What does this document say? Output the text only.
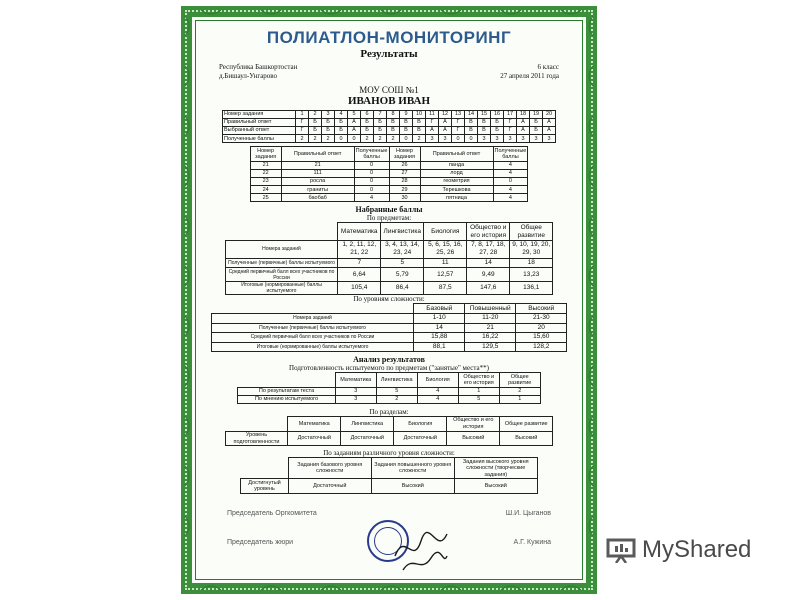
ПОЛИАТЛОН-МОНИТОРИНГ
Результаты
Республика Башкортостан
д.Бишаул-Унгарово
6 класс
27 апреля 2011 года
МОУ СОШ №1
ИВАНОВ ИВАН
Номер задания	1	2	3	4	5	6	7	8	9	10	11	12	13	14	15	16	17	18	19	20
Правильный ответ	Г	Б	Б	Б	А	Б	Б	В	В	В	Г	А	Г	В	В	Б	Г	А	Б	А
Выбранный ответ	Г	Б	Б	Б	А	Б	Б	В	В	В	А	А	Г	В	В	Б	Г	А	Б	А
Полученные баллы	2	2	2	0	0	2	2	2	0	2	3	3	0	0	3	3	3	3	3	3
Номер задания	Правильный ответ	Полученные баллы	Номер задания	Правильный ответ	Полученные баллы
21	21	0	26	панда	4
22	111	0	27	лорд	4
23	росла	0	28	геометрия	0
24	граниты	0	29	Терешкова	4
25	баобаб	4	30	пятница	4
Набранные баллы
По предметам:
	Математика	Лингвистика	Биология	Общество и его история	Общее развитие
Номера заданий	1, 2, 11, 12, 21, 22	3, 4, 13, 14, 23, 24	5, 6, 15, 16, 25, 26	7, 8, 17, 18, 27, 28	9, 10, 19, 20, 29, 30
Полученные (первичные) баллы испытуемого	7	5	11	14	18
Средний первичный балл всех участников по России	6,64	5,79	12,57	9,49	13,23
Итоговые (нормированные) баллы испытуемого	105,4	86,4	87,5	147,6	136,1
По уровням сложности:
	Базовый	Повышенный	Высокий
Номера заданий	1-10	11-20	21-30
Полученные (первичные) баллы испытуемого	14	21	20
Средний первичный балл всех участников по России	15,88	16,22	15,60
Итоговые (нормированные) баллы испытуемого	88,1	129,5	128,2
Анализ результатов
Подготовленность испытуемого по предметам ("занятые" места**)
	Математика	Лингвистика	Биология	Общество и его история	Общее развитие
По результатам теста	3	5	4	1	2
По мнению испытуемого	3	2	4	5	1
По разделам:
	Математика	Лингвистика	Биология	Общество и его история	Общее развитие
Уровень подготовленности	Достаточный	Достаточный	Достаточный	Высокий	Высокий
По заданиям различного уровня сложности:
	Задания базового уровня сложности	Задания повышенного уровня сложности	Задания высокого уровня сложности (творческие задания)
Достигнутый уровень	Достаточный	Высокий	Высокий
Председатель Оргкомитета	Ш.И. Цыганов
Председатель жюри	А.Г. Кужина	MyShared
